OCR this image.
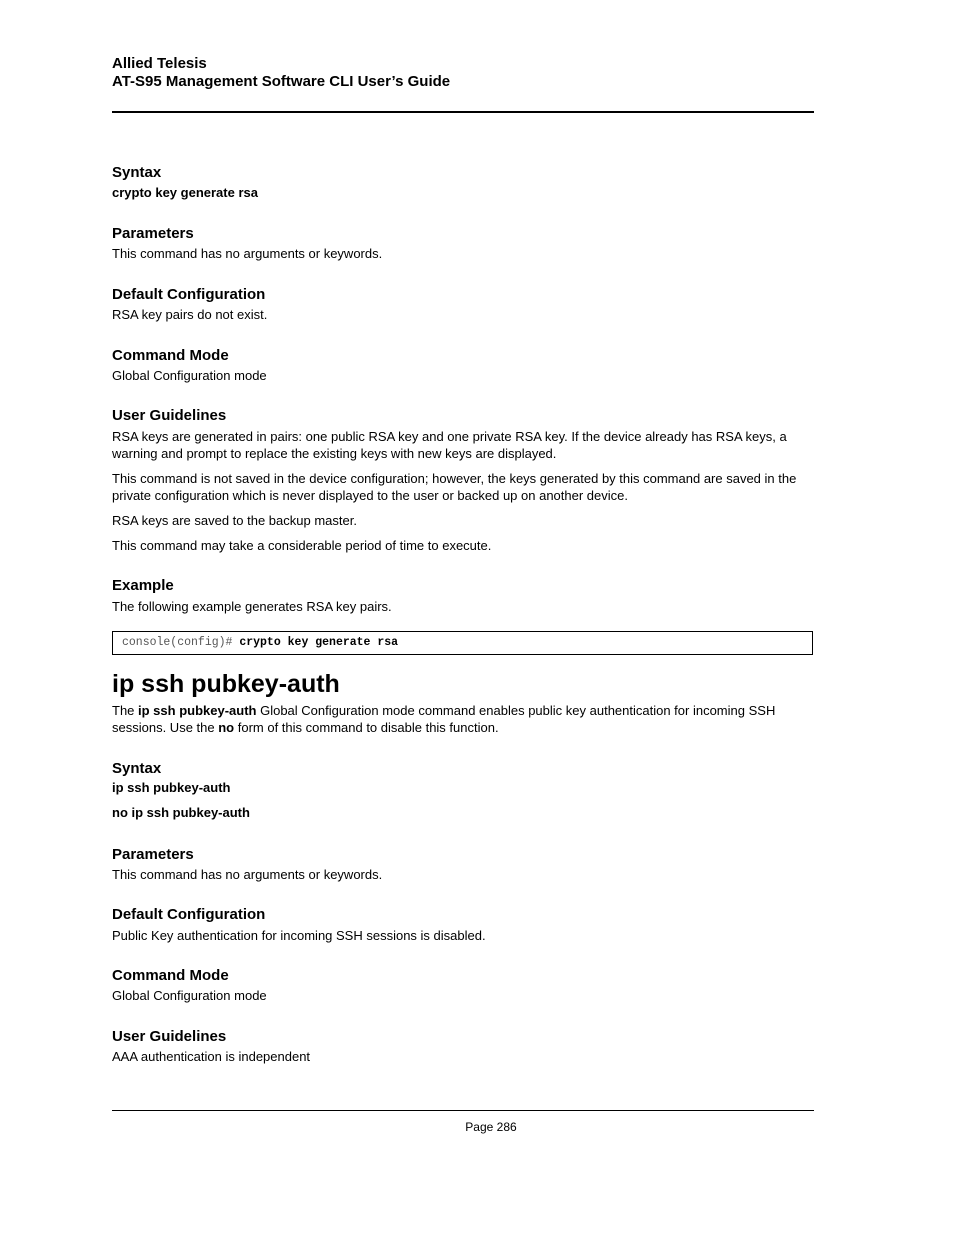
Allied Telesis
AT-S95 Management Software CLI User’s Guide
Syntax
crypto key generate rsa
Parameters
This command has no arguments or keywords.
Default Configuration
RSA key pairs do not exist.
Command Mode
Global Configuration mode
User Guidelines
RSA keys are generated in pairs: one public RSA key and one private RSA key. If the device already has RSA keys, a warning and prompt to replace the existing keys with new keys are displayed.
This command is not saved in the device configuration; however, the keys generated by this command are saved in the private configuration which is never displayed to the user or backed up on another device.
RSA keys are saved to the backup master.
This command may take a considerable period of time to execute.
Example
The following example generates RSA key pairs.
console(config)# crypto key generate rsa
ip ssh pubkey-auth
The ip ssh pubkey-auth Global Configuration mode command enables public key authentication for incoming SSH sessions. Use the no form of this command to disable this function.
Syntax
ip ssh pubkey-auth
no ip ssh pubkey-auth
Parameters
This command has no arguments or keywords.
Default Configuration
Public Key authentication for incoming SSH sessions is disabled.
Command Mode
Global Configuration mode
User Guidelines
AAA authentication is independent
Page 286
